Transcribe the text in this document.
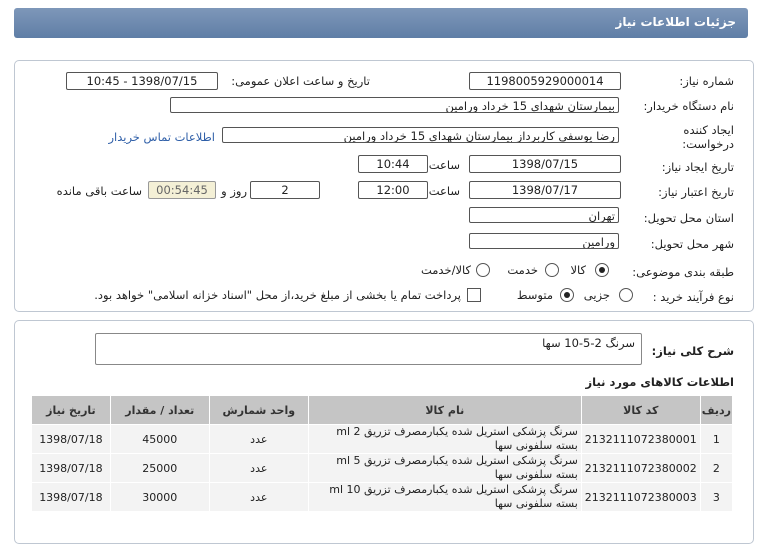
جزئیات اطلاعات نیاز
شماره نیاز:
1198005929000014
تاریخ و ساعت اعلان عمومی:
1398/07/15 - 10:45
نام دستگاه خریدار:
بیمارستان شهدای 15 خرداد ورامین
ایجاد کننده درخواست:
رضا یوسفی کاربرداز بیمارستان شهدای 15 خرداد ورامین
اطلاعات تماس خریدار
تاریخ ایجاد نیاز:
1398/07/15
ساعت
10:44
تاریخ اعتبار نیاز:
1398/07/17
ساعت
12:00
2
روز و
00:54:45
ساعت باقی مانده
استان محل تحویل:
تهران
شهر محل تحویل:
ورامین
طبقه بندی موضوعی:
کالا
خدمت
کالا/خدمت
نوع فرآیند خرید :
جزیی
متوسط
پرداخت تمام یا بخشی از مبلغ خرید،از محل "اسناد خزانه اسلامی" خواهد بود.
شرح کلی نیاز:
سرنگ 2-5-10 سها
اطلاعات کالاهای مورد نیاز
ردیف	کد کالا	نام کالا	واحد شمارش	تعداد / مقدار	تاریخ نیاز
1	2132111072380001	سرنگ پزشکی استریل شده یکبارمصرف تزریق ml 2 بسته سلفونی سها	عدد	45000	1398/07/18
2	2132111072380002	سرنگ پزشکی استریل شده یکبارمصرف تزریق ml 5 بسته سلفونی سها	عدد	25000	1398/07/18
3	2132111072380003	سرنگ پزشکی استریل شده یکبارمصرف تزریق ml 10 بسته سلفونی سها	عدد	30000	1398/07/18
